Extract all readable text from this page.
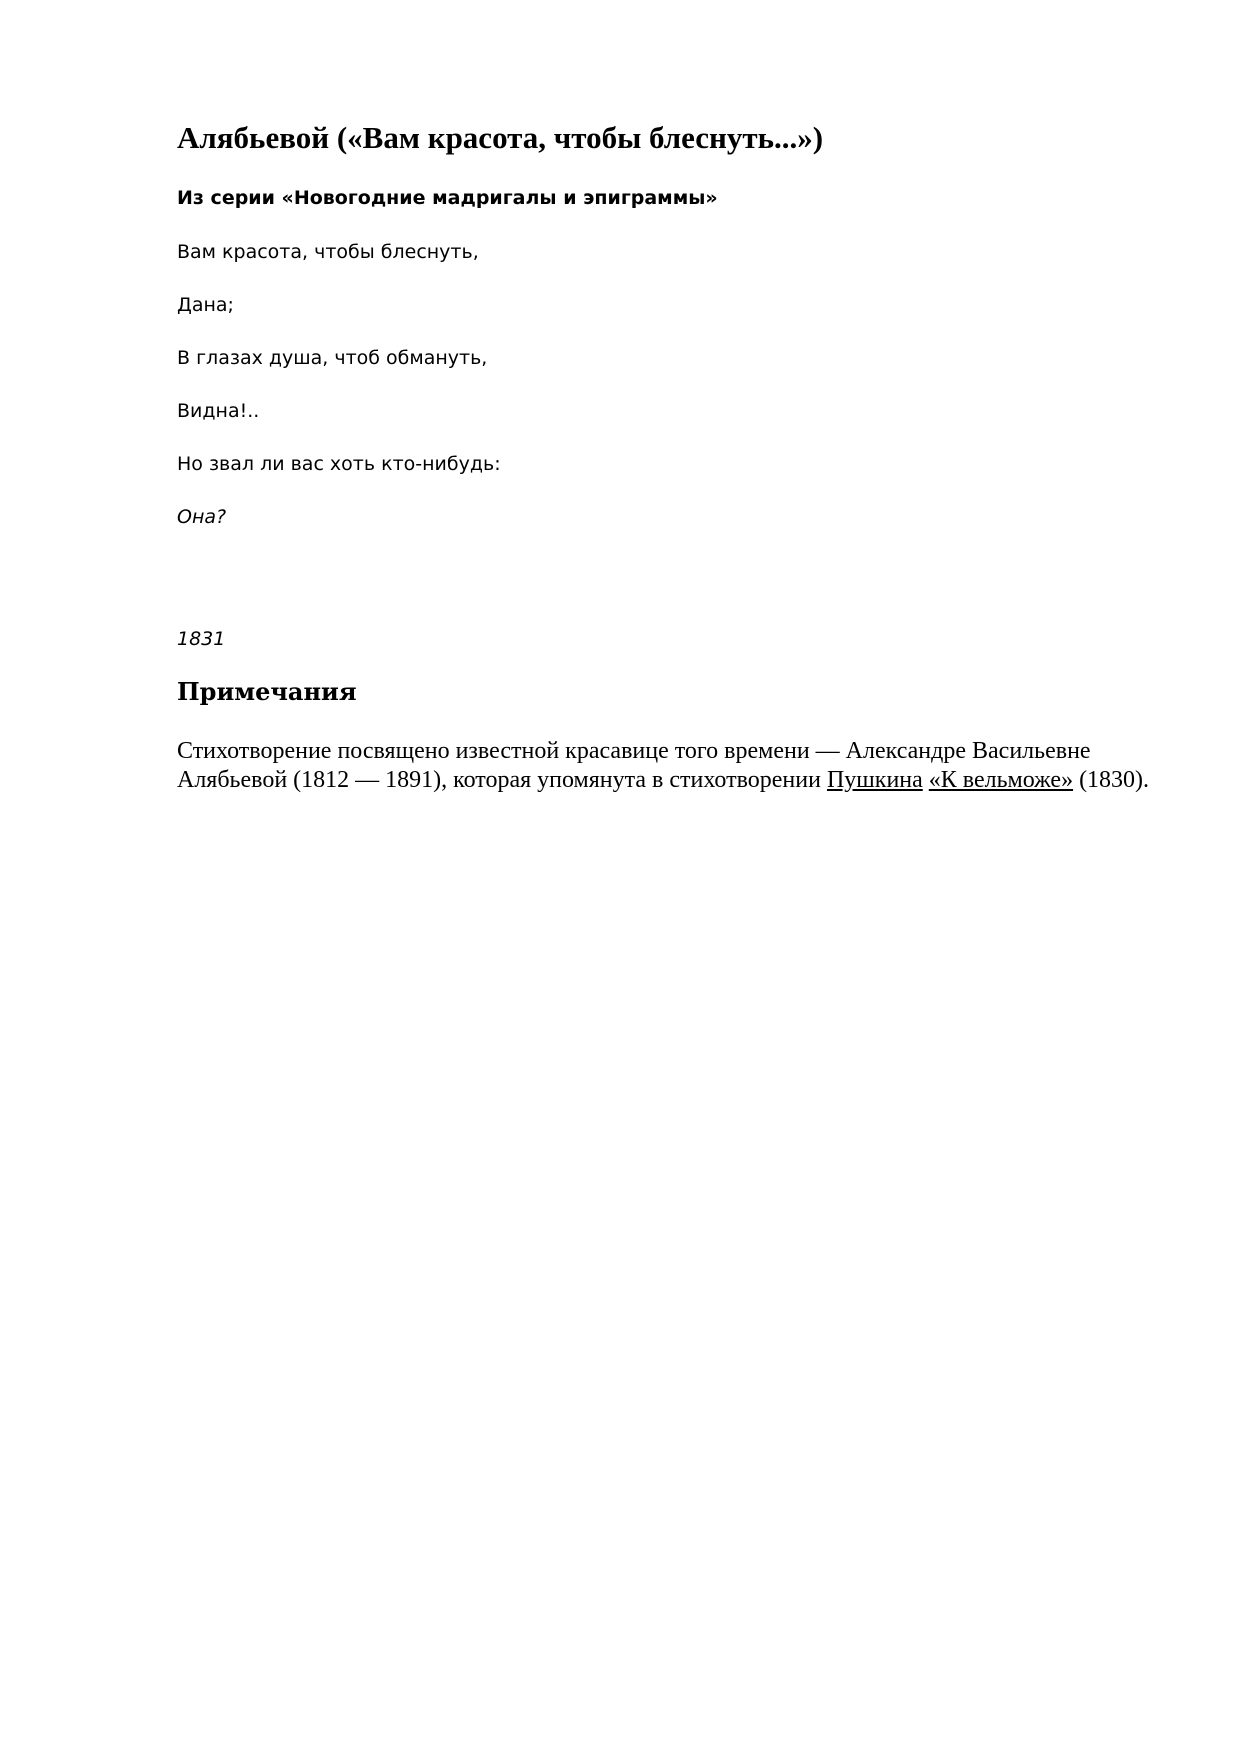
Алябьевой («Вам красота, чтобы блеснуть...»)
Из серии «Новогодние мадригалы и эпиграммы»

Вам красота, чтобы блеснуть,

Дана;

В глазах душа, чтоб обмануть,

Видна!..

Но звал ли вас хоть кто-нибудь:

Она?

1831

Примечания

Стихотворение посвящено известной красавице того времени — Александре Васильевне Алябьевой (1812 — 1891), которая упомянута в стихотворении Пушкина «К вельможе» (1830).
